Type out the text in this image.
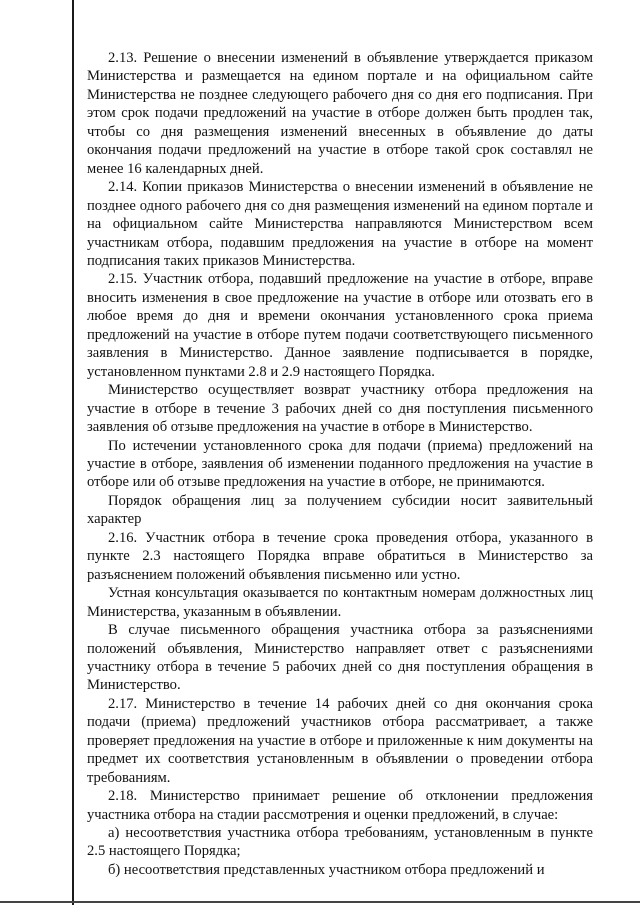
2.13. Решение о внесении изменений в объявление утверждается приказом Министерства и размещается на едином портале и на официальном сайте Министерства не позднее следующего рабочего дня со дня его подписания. При этом срок подачи предложений на участие в отборе должен быть продлен так, чтобы со дня размещения изменений внесенных в объявление до даты окончания подачи предложений на участие в отборе такой срок составлял не менее 16 календарных дней.

2.14. Копии приказов Министерства о внесении изменений в объявление не позднее одного рабочего дня со дня размещения изменений на едином портале и на официальном сайте Министерства направляются Министерством всем участникам отбора, подавшим предложения на участие в отборе на момент подписания таких приказов Министерства.

2.15. Участник отбора, подавший предложение на участие в отборе, вправе вносить изменения в свое предложение на участие в отборе или отозвать его в любое время до дня и времени окончания установленного срока приема предложений на участие в отборе путем подачи соответствующего письменного заявления в Министерство. Данное заявление подписывается в порядке, установленном пунктами 2.8 и 2.9 настоящего Порядка.

Министерство осуществляет возврат участнику отбора предложения на участие в отборе в течение 3 рабочих дней со дня поступления письменного заявления об отзыве предложения на участие в отборе в Министерство.

По истечении установленного срока для подачи (приема) предложений на участие в отборе, заявления об изменении поданного предложения на участие в отборе или об отзыве предложения на участие в отборе, не принимаются.

Порядок обращения лиц за получением субсидии носит заявительный характер

2.16. Участник отбора в течение срока проведения отбора, указанного в пункте 2.3 настоящего Порядка вправе обратиться в Министерство за разъяснением положений объявления письменно или устно.

Устная консультация оказывается по контактным номерам должностных лиц Министерства, указанным в объявлении.

В случае письменного обращения участника отбора за разъяснениями положений объявления, Министерство направляет ответ с разъяснениями участнику отбора в течение 5 рабочих дней со дня поступления обращения в Министерство.

2.17. Министерство в течение 14 рабочих дней со дня окончания срока подачи (приема) предложений участников отбора рассматривает, а также проверяет предложения на участие в отборе и приложенные к ним документы на предмет их соответствия установленным в объявлении о проведении отбора требованиям.

2.18. Министерство принимает решение об отклонении предложения участника отбора на стадии рассмотрения и оценки предложений, в случае:

а) несоответствия участника отбора требованиям, установленным в пункте 2.5 настоящего Порядка;

б) несоответствия представленных участником отбора предложений и
